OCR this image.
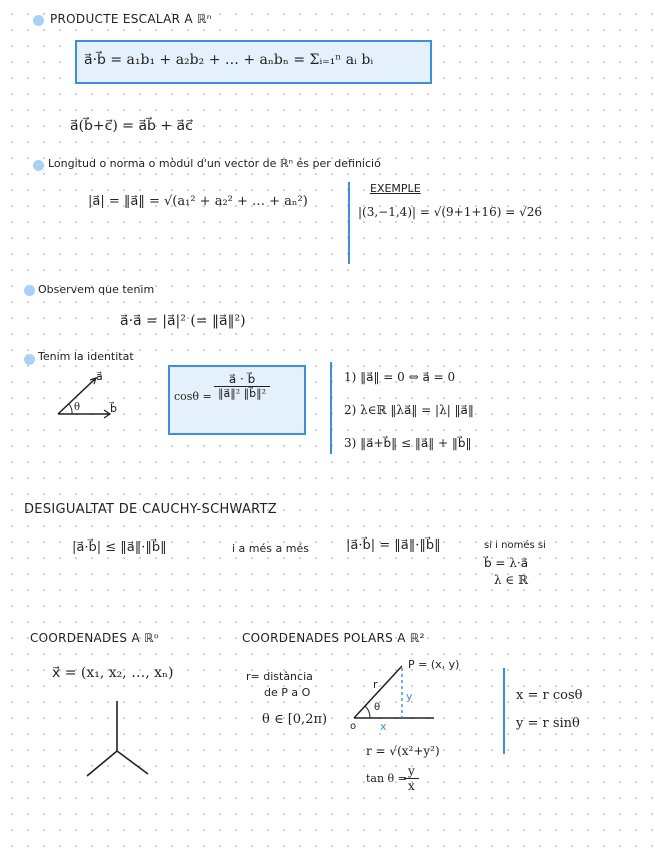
PRODUCTE ESCALAR A ℝⁿ
a⃗·b⃗ = a₁b₁ + a₂b₂ + … + aₙbₙ = Σᵢ₌₁ⁿ aᵢ bᵢ
a⃗(b⃗+c⃗) = a⃗b⃗ + a⃗c⃗
Longitud o norma o mòdul d'un vector de ℝⁿ és per definició
|a⃗| = ‖a⃗‖ = √(a₁² + a₂² + … + aₙ²)
EXEMPLE
|(3,−1,4)| = √(9+1+16) = √26
Observem que tenim
a⃗·a⃗ = |a⃗|² (= ‖a⃗‖²)
Tenim la identitat
a⃗
b⃗
θ
$\cos\theta = \frac{a⃗ \cdot b⃗}{\text{‖a⃗‖² ‖b⃗‖²}}$	1) ‖a⃗‖ = 0 ⇔ a⃗ = 0
2) λ∈ℝ ‖λa⃗‖ = |λ| ‖a⃗‖
3) ‖a⃗+b⃗‖ ≤ ‖a⃗‖ + ‖b⃗‖
DESIGUALTAT DE CAUCHY-SCHWARTZ
|a⃗·b⃗| ≤ ‖a⃗‖·‖b⃗‖	i a més a més	|a⃗·b⃗| = ‖a⃗‖·‖b⃗‖	si i només si
b⃗ = λ·a⃗
λ ∈ ℝ
COORDENADES A ℝⁿ	COORDENADES POLARS A ℝ²
x⃗ = (x₁, x₂, …, xₙ)	r= distància
de P a O
θ ∈ [0,2π)
P = (x, y)
r
y
x
θ
o
r = √(x²+y²)
tan θ =
$\frac{y}{x}$
x = r cosθ
y = r sinθ
